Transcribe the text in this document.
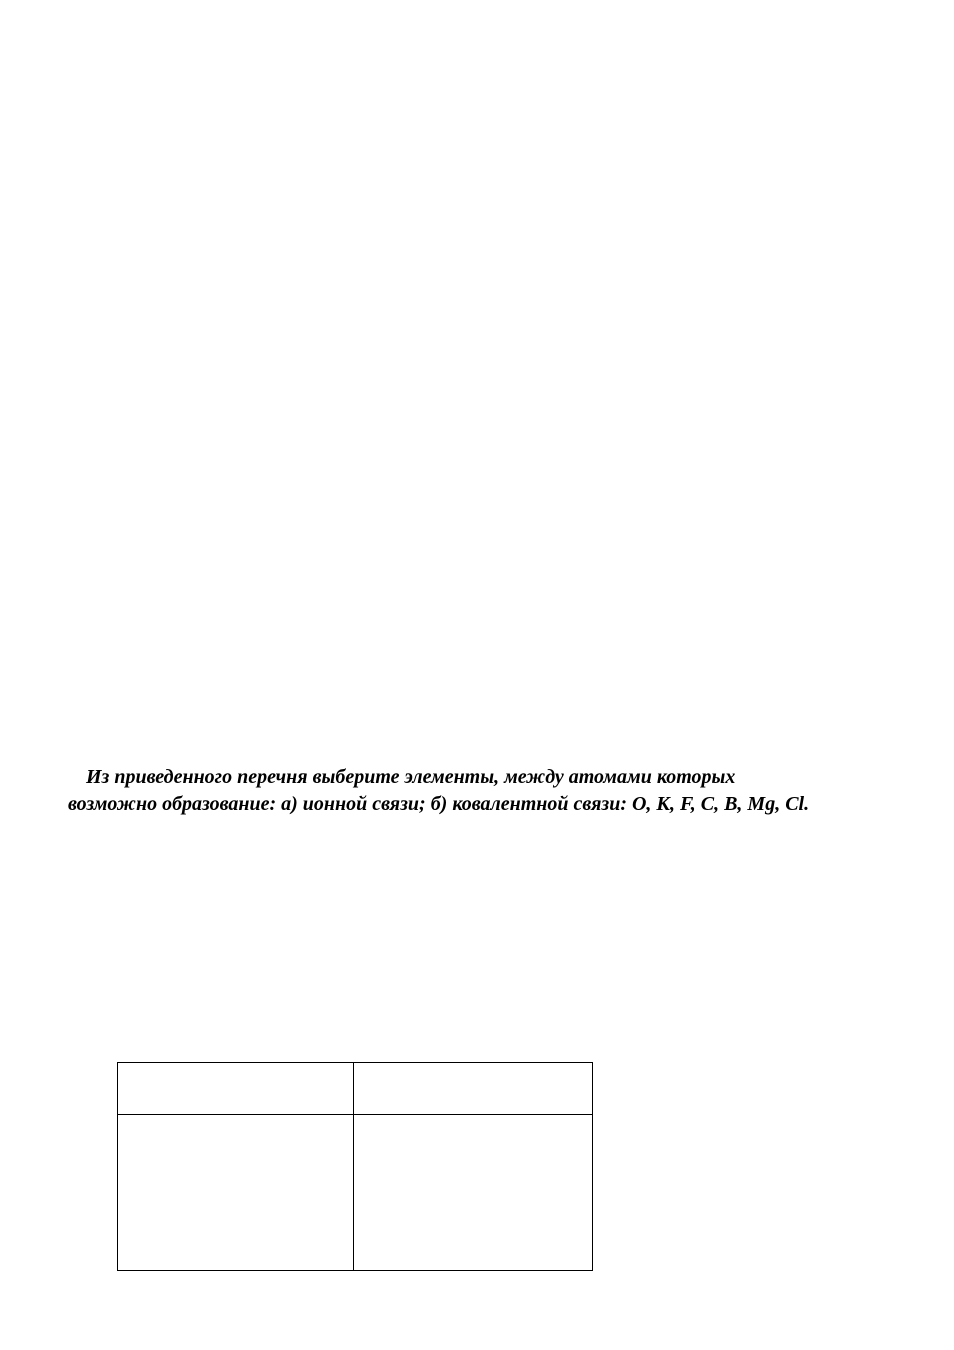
Из приведенного перечня выберите элементы, между атомами которых
возможно образование: а) ионной связи; б) ковалентной связи: O, К, F, C, B, Mg, Cl.
